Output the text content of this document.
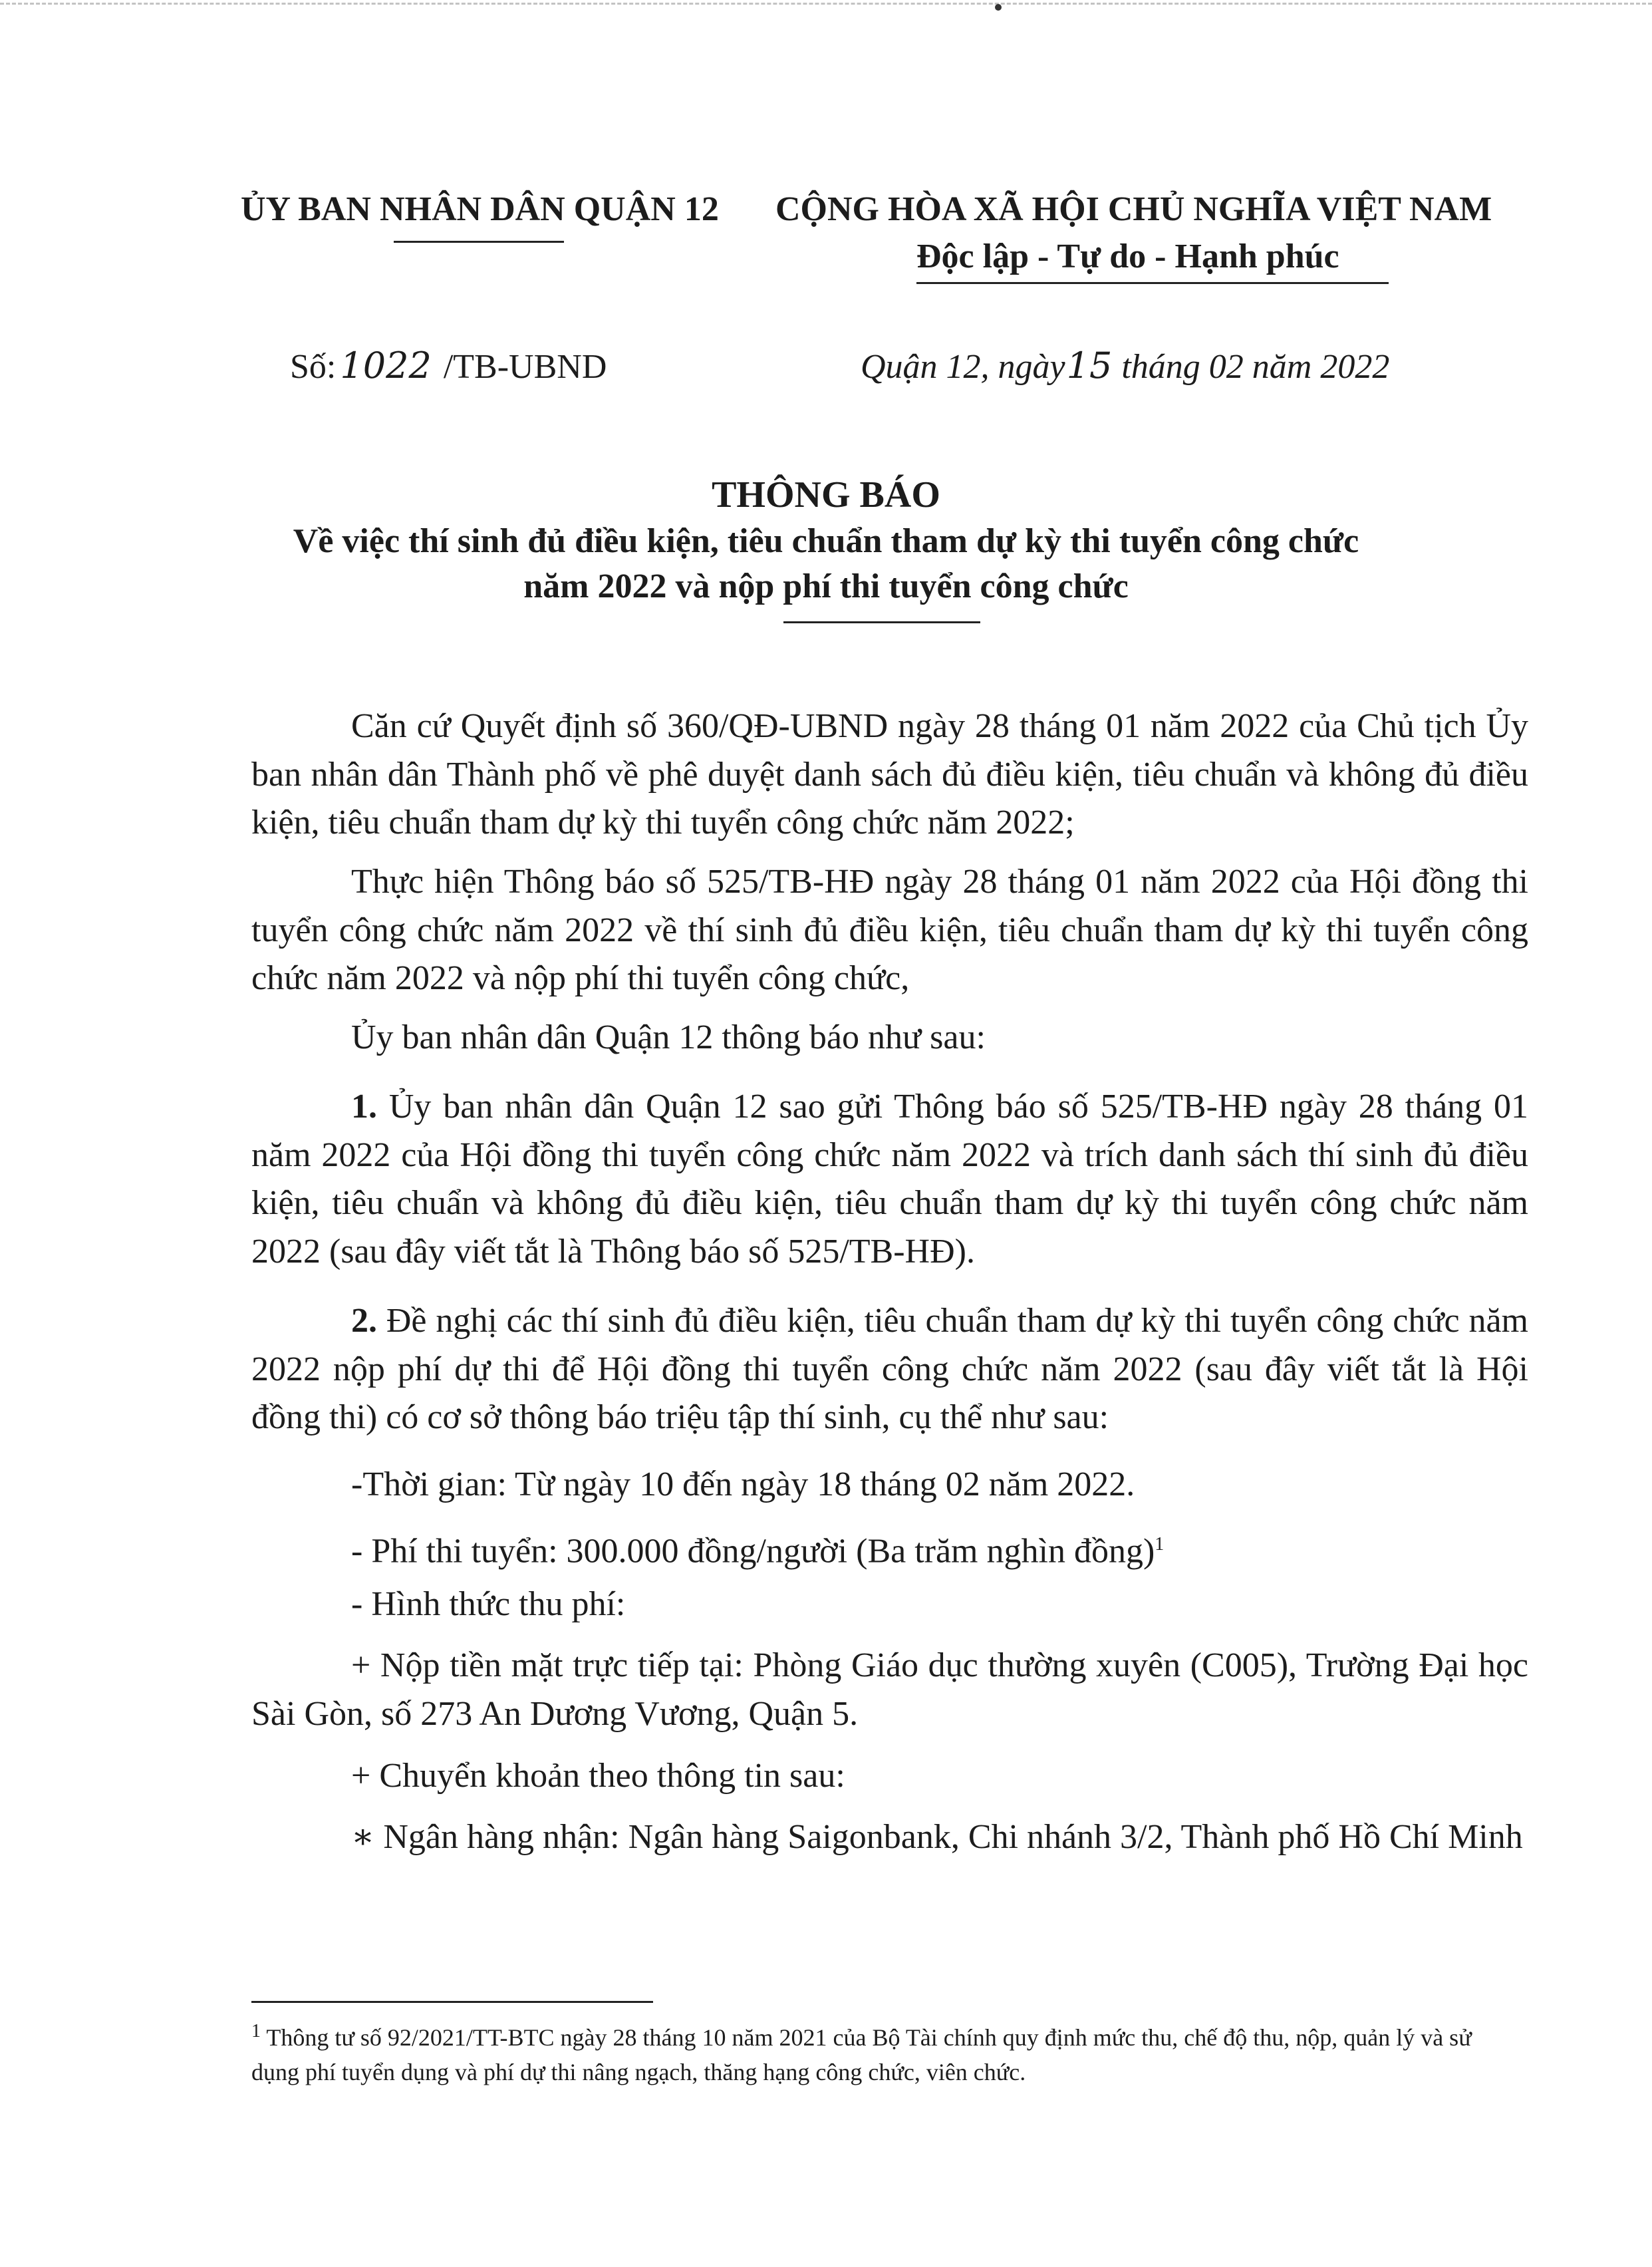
ỦY BAN NHÂN DÂN QUẬN 12 CỘNG HÒA XÃ HỘI CHỦ NGHĨA VIỆT NAM
Độc lập - Tự do - Hạnh phúc
Số: 1022 /TB-UBND	Quận 12, ngày15 tháng 02 năm 2022
THÔNG BÁO
Về việc thí sinh đủ điều kiện, tiêu chuẩn tham dự kỳ thi tuyển công chức
năm 2022 và nộp phí thi tuyển công chức

Căn cứ Quyết định số 360/QĐ-UBND ngày 28 tháng 01 năm 2022 của Chủ tịch Ủy ban nhân dân Thành phố về phê duyệt danh sách đủ điều kiện, tiêu chuẩn và không đủ điều kiện, tiêu chuẩn tham dự kỳ thi tuyển công chức năm 2022;

Thực hiện Thông báo số 525/TB-HĐ ngày 28 tháng 01 năm 2022 của Hội đồng thi tuyển công chức năm 2022 về thí sinh đủ điều kiện, tiêu chuẩn tham dự kỳ thi tuyển công chức năm 2022 và nộp phí thi tuyển công chức,

Ủy ban nhân dân Quận 12 thông báo như sau:

1. Ủy ban nhân dân Quận 12 sao gửi Thông báo số 525/TB-HĐ ngày 28 tháng 01 năm 2022 của Hội đồng thi tuyển công chức năm 2022 và trích danh sách thí sinh đủ điều kiện, tiêu chuẩn và không đủ điều kiện, tiêu chuẩn tham dự kỳ thi tuyển công chức năm 2022 (sau đây viết tắt là Thông báo số 525/TB-HĐ).

2. Đề nghị các thí sinh đủ điều kiện, tiêu chuẩn tham dự kỳ thi tuyển công chức năm 2022 nộp phí dự thi để Hội đồng thi tuyển công chức năm 2022 (sau đây viết tắt là Hội đồng thi) có cơ sở thông báo triệu tập thí sinh, cụ thể như sau:

-Thời gian: Từ ngày 10 đến ngày 18 tháng 02 năm 2022.

- Phí thi tuyển: 300.000 đồng/người (Ba trăm nghìn đồng)$^1$

- Hình thức thu phí:

+ Nộp tiền mặt trực tiếp tại: Phòng Giáo dục thường xuyên (C005), Trường Đại học Sài Gòn, số 273 An Dương Vương, Quận 5.

+ Chuyển khoản theo thông tin sau:

∗ Ngân hàng nhận: Ngân hàng Saigonbank, Chi nhánh 3/2, Thành phố Hồ Chí Minh

$^1$ Thông tư số 92/2021/TT-BTC ngày 28 tháng 10 năm 2021 của Bộ Tài chính quy định mức thu, chế độ thu, nộp, quản lý và sử dụng phí tuyển dụng và phí dự thi nâng ngạch, thăng hạng công chức, viên chức.
